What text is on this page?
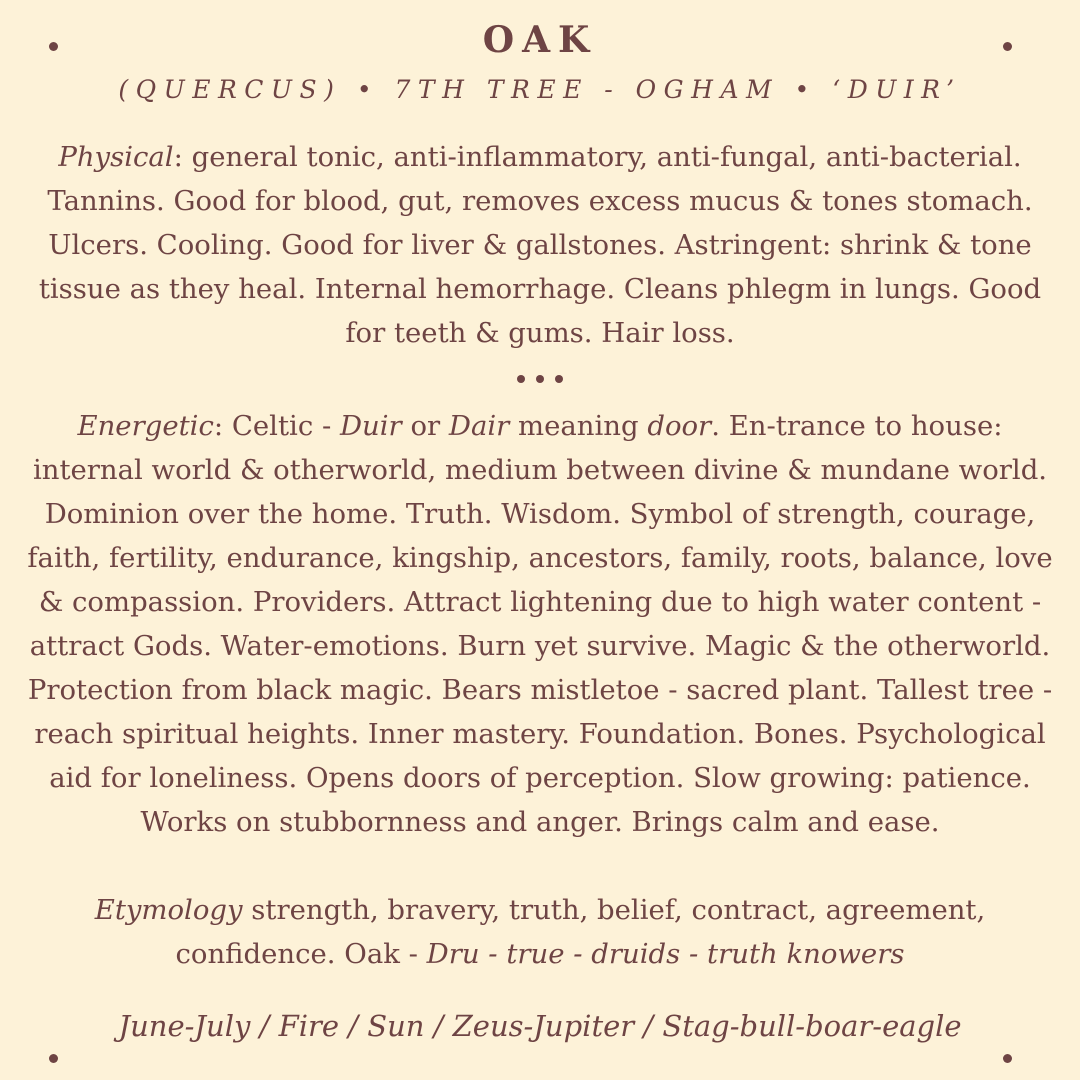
OAK
(QUERCUS) • 7TH TREE - OGHAM • ‘DUIR’
Physical: general tonic, anti-inflammatory, anti-fungal, anti-bacterial. Tannins. Good for blood, gut, removes excess mucus & tones stomach. Ulcers. Cooling. Good for liver & gallstones. Astringent: shrink & tone tissue as they heal. Internal hemorrhage. Cleans phlegm in lungs. Good for teeth & gums. Hair loss.
Energetic: Celtic - Duir or Dair meaning door. En-trance to house: internal world & otherworld, medium between divine & mundane world. Dominion over the home. Truth. Wisdom. Symbol of strength, courage, faith, fertility, endurance, kingship, ancestors, family, roots, balance, love & compassion. Providers. Attract lightening due to high water content - attract Gods. Water-emotions. Burn yet survive. Magic & the otherworld. Protection from black magic. Bears mistletoe - sacred plant. Tallest tree - reach spiritual heights. Inner mastery. Foundation. Bones. Psychological aid for loneliness. Opens doors of perception. Slow growing: patience. Works on stubbornness and anger. Brings calm and ease.
Etymology strength, bravery, truth, belief, contract, agreement, confidence. Oak - Dru - true - druids - truth knowers
June-July / Fire / Sun / Zeus-Jupiter / Stag-bull-boar-eagle
